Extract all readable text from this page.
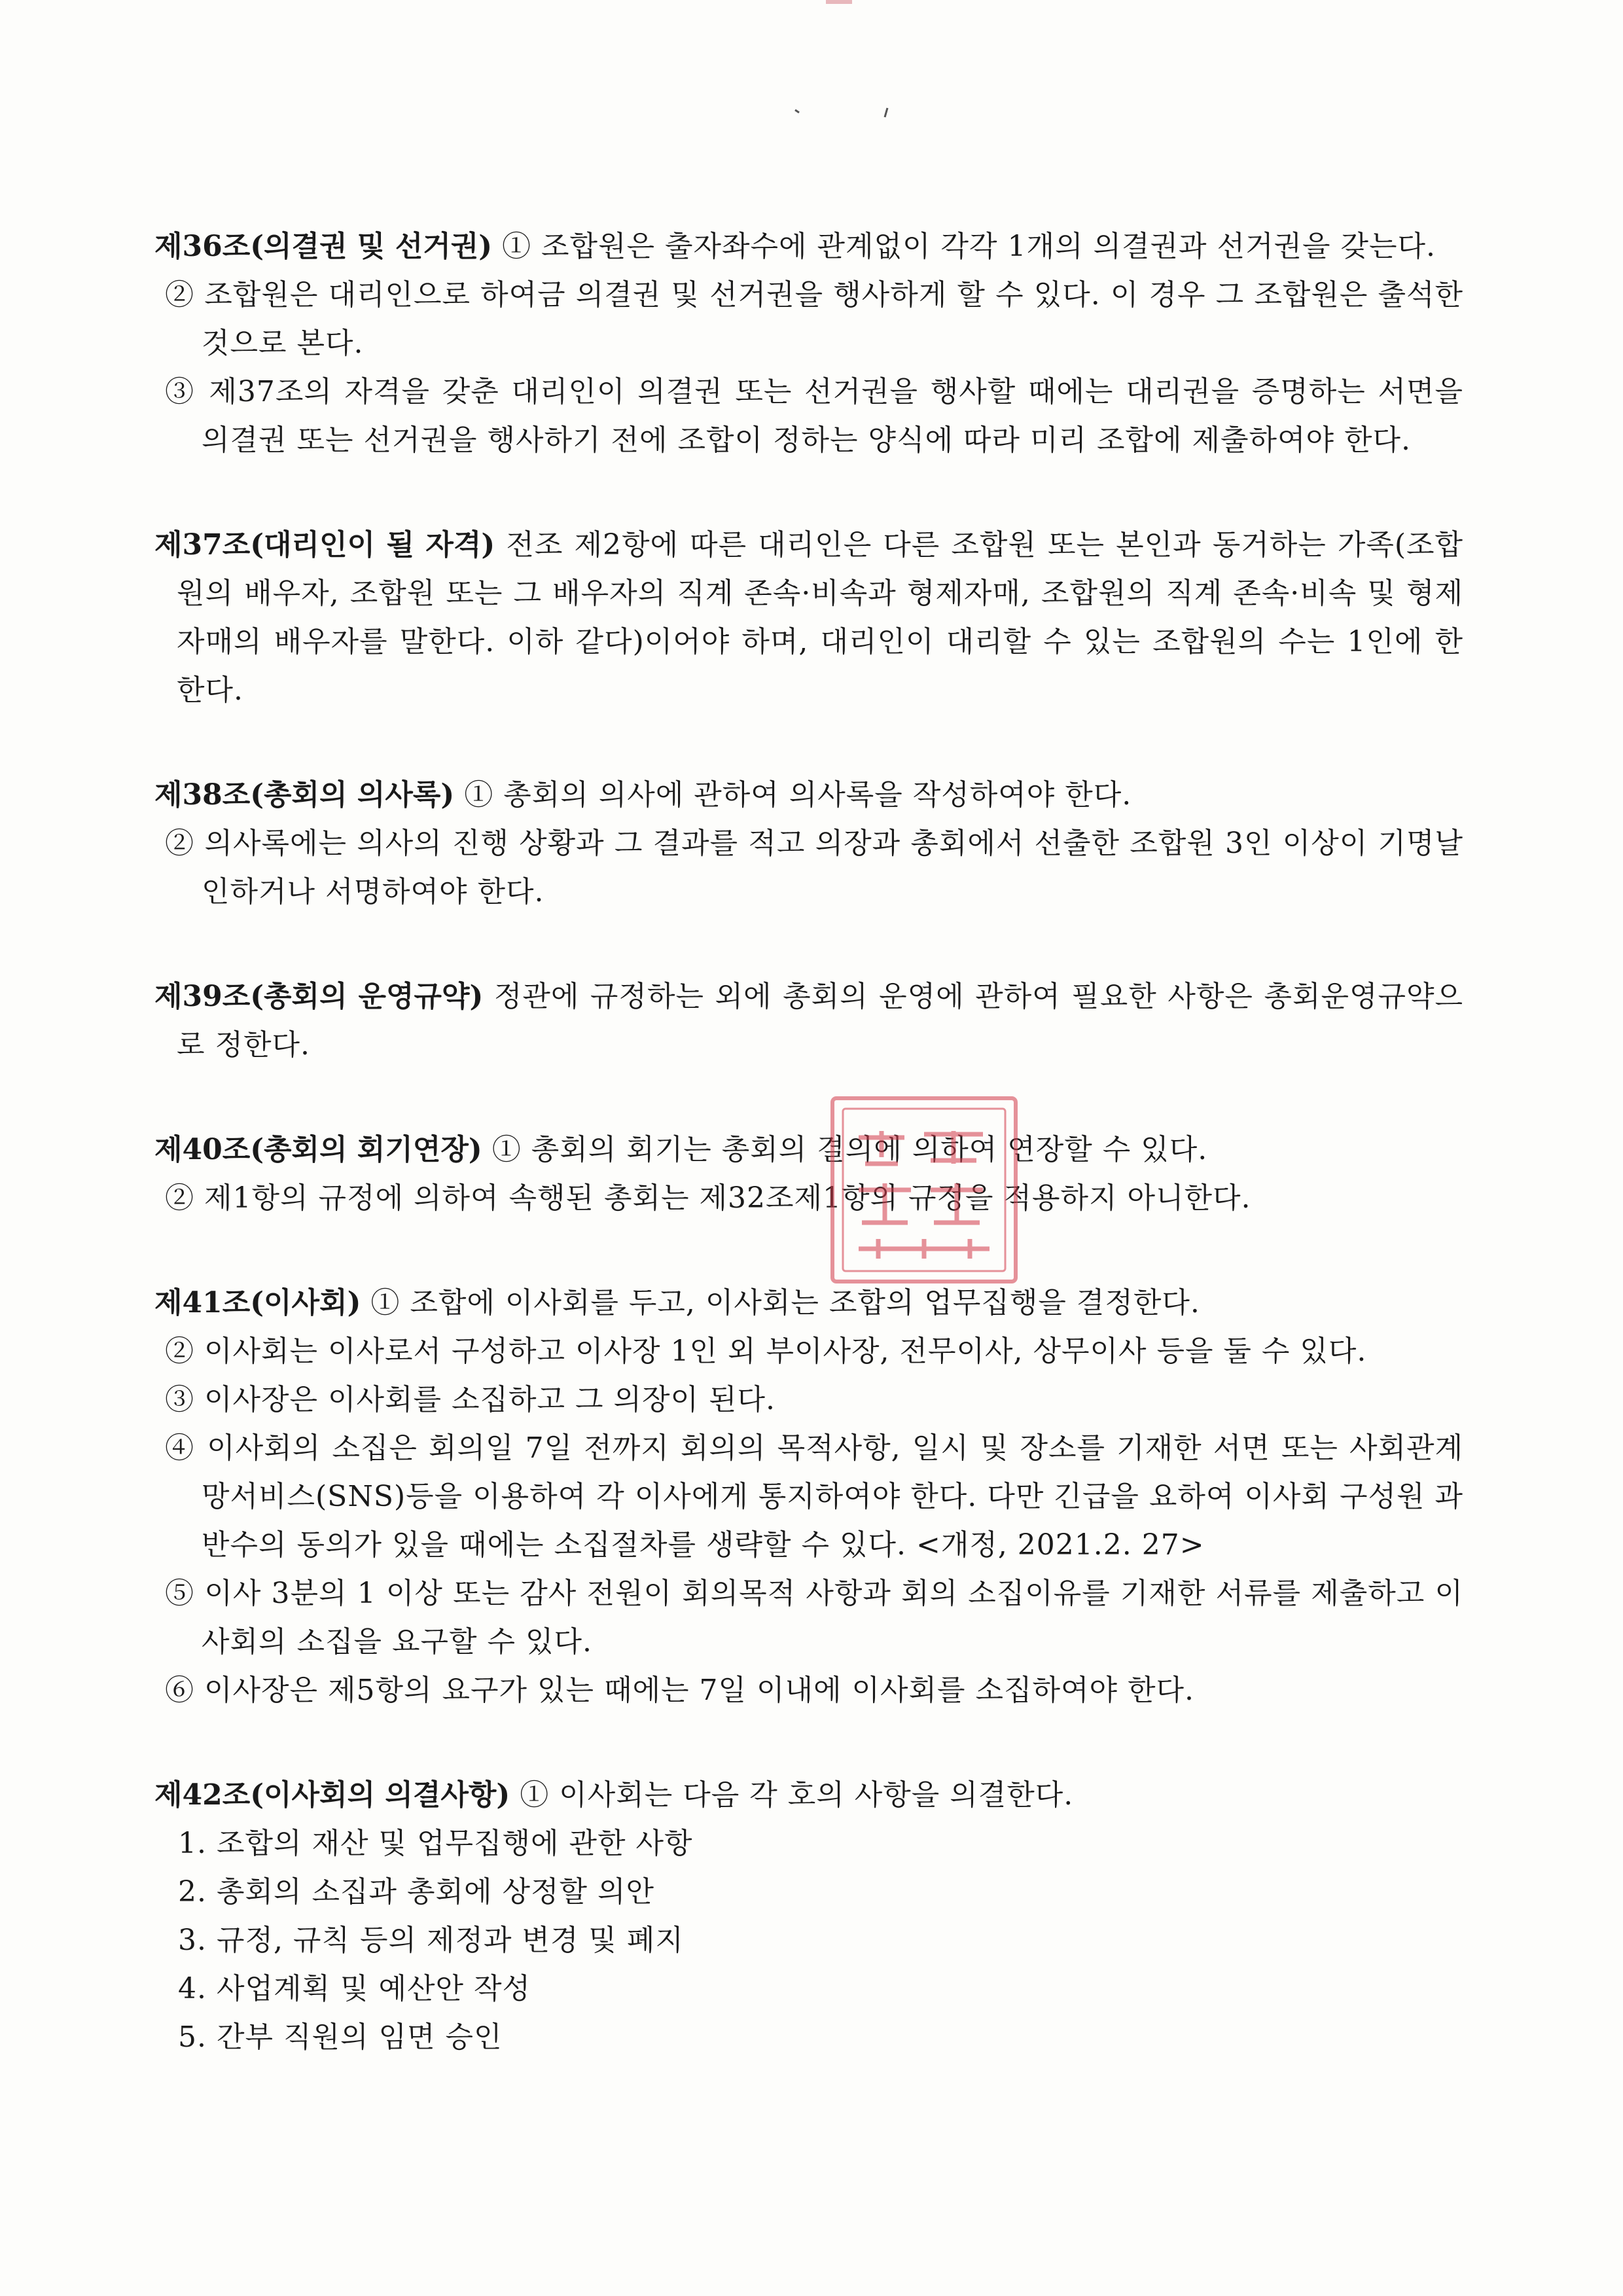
제36조(의결권 및 선거권) ① 조합원은 출자좌수에 관계없이 각각 1개의 의결권과 선거권을 갖는다.

② 조합원은 대리인으로 하여금 의결권 및 선거권을 행사하게 할 수 있다. 이 경우 그 조합원은 출석한 것으로 본다.

③ 제37조의 자격을 갖춘 대리인이 의결권 또는 선거권을 행사할 때에는 대리권을 증명하는 서면을 의결권 또는 선거권을 행사하기 전에 조합이 정하는 양식에 따라 미리 조합에 제출하여야 한다.

제37조(대리인이 될 자격) 전조 제2항에 따른 대리인은 다른 조합원 또는 본인과 동거하는 가족(조합원의 배우자, 조합원 또는 그 배우자의 직계 존속·비속과 형제자매, 조합원의 직계 존속·비속 및 형제자매의 배우자를 말한다. 이하 같다)이어야 하며, 대리인이 대리할 수 있는 조합원의 수는 1인에 한한다.

제38조(총회의 의사록) ① 총회의 의사에 관하여 의사록을 작성하여야 한다.

② 의사록에는 의사의 진행 상황과 그 결과를 적고 의장과 총회에서 선출한 조합원 3인 이상이 기명날인하거나 서명하여야 한다.

제39조(총회의 운영규약) 정관에 규정하는 외에 총회의 운영에 관하여 필요한 사항은 총회운영규약으로 정한다.

제40조(총회의 회기연장) ① 총회의 회기는 총회의 결의에 의하여 연장할 수 있다.

② 제1항의 규정에 의하여 속행된 총회는 제32조제1항의 규정을 적용하지 아니한다.

제41조(이사회) ① 조합에 이사회를 두고, 이사회는 조합의 업무집행을 결정한다.

② 이사회는 이사로서 구성하고 이사장 1인 외 부이사장, 전무이사, 상무이사 등을 둘 수 있다.

③ 이사장은 이사회를 소집하고 그 의장이 된다.

④ 이사회의 소집은 회의일 7일 전까지 회의의 목적사항, 일시 및 장소를 기재한 서면 또는 사회관계망서비스(SNS)등을 이용하여 각 이사에게 통지하여야 한다. 다만 긴급을 요하여 이사회 구성원 과반수의 동의가 있을 때에는 소집절차를 생략할 수 있다. <개정, 2021.2. 27>

⑤ 이사 3분의 1 이상 또는 감사 전원이 회의목적 사항과 회의 소집이유를 기재한 서류를 제출하고 이사회의 소집을 요구할 수 있다.

⑥ 이사장은 제5항의 요구가 있는 때에는 7일 이내에 이사회를 소집하여야 한다.

제42조(이사회의 의결사항) ① 이사회는 다음 각 호의 사항을 의결한다.

1. 조합의 재산 및 업무집행에 관한 사항

2. 총회의 소집과 총회에 상정할 의안

3. 규정, 규칙 등의 제정과 변경 및 폐지

4. 사업계획 및 예산안 작성

5. 간부 직원의 임면 승인
